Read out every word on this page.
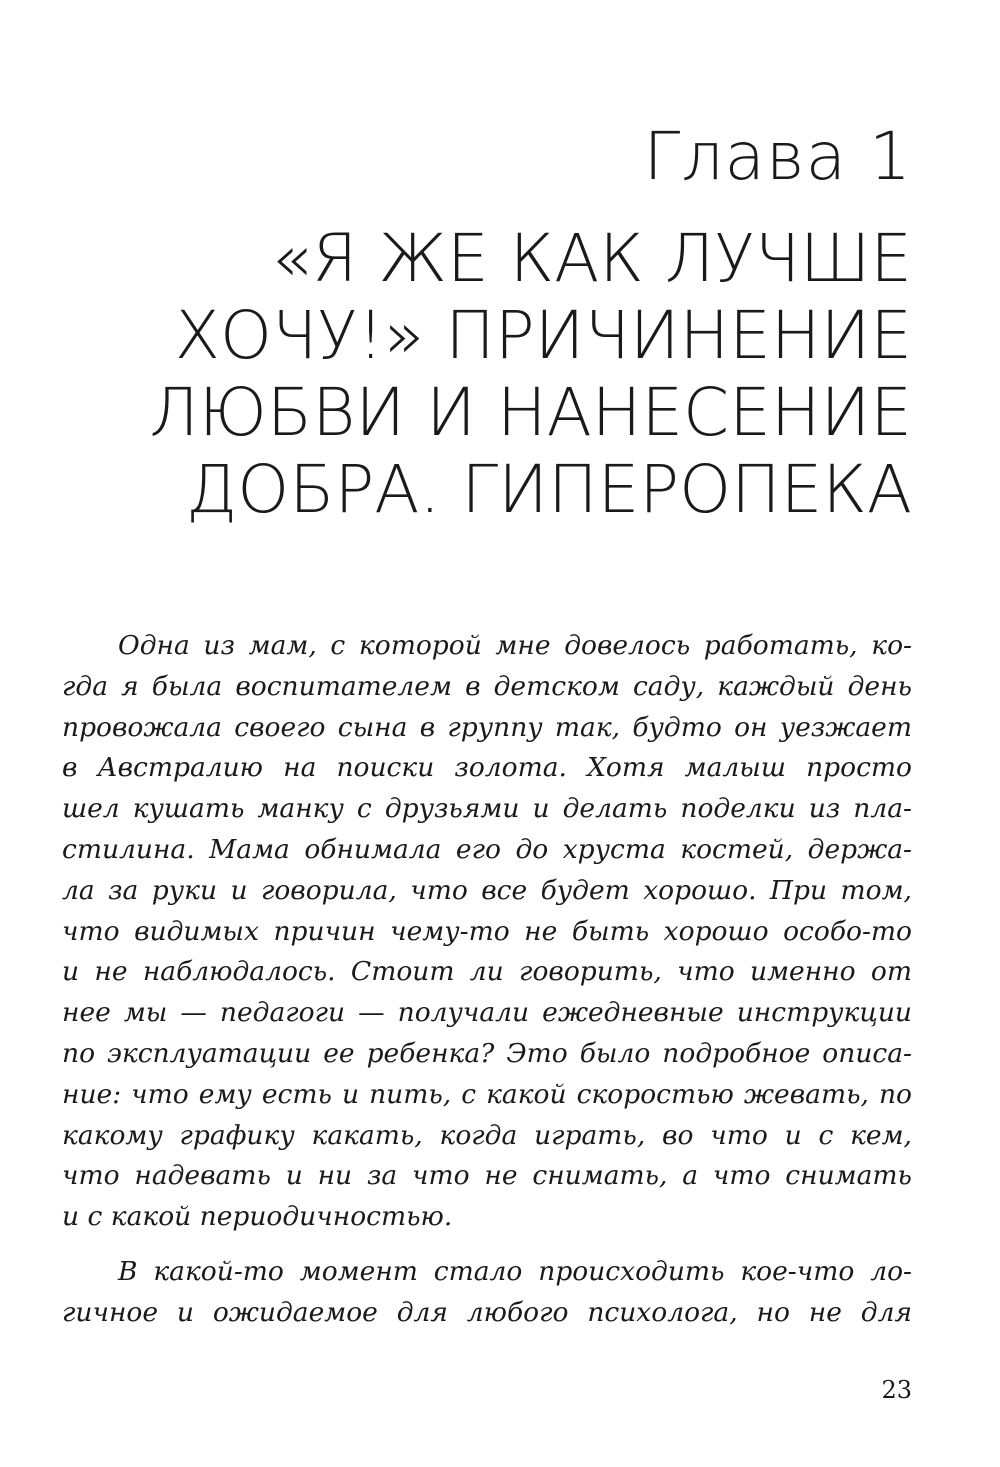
Глава 1
«Я ЖЕ КАК ЛУЧШЕ
ХОЧУ!» ПРИЧИНЕНИЕ
ЛЮБВИ И НАНЕСЕНИЕ
ДОБРА. ГИПЕРОПЕКА

Одна из мам, с которой мне довелось работать, ко-
гда я была воспитателем в детском саду, каждый день
провожала своего сына в группу так, будто он уезжает
в Австралию на поиски золота. Хотя малыш просто
шел кушать манку с друзьями и делать поделки из пла-
стилина. Мама обнимала его до хруста костей, держа-
ла за руки и говорила, что все будет хорошо. При том,
что видимых причин чему-то не быть хорошо особо-то
и не наблюдалось. Стоит ли говорить, что именно от
нее мы — педагоги — получали ежедневные инструкции
по эксплуатации ее ребенка? Это было подробное описа-
ние: что ему есть и пить, с какой скоростью жевать, по
какому графику какать, когда играть, во что и с кем,
что надевать и ни за что не снимать, а что снимать
и с какой периодичностью.

В какой-то момент стало происходить кое-что ло-
гичное и ожидаемое для любого психолога, но не для

23
